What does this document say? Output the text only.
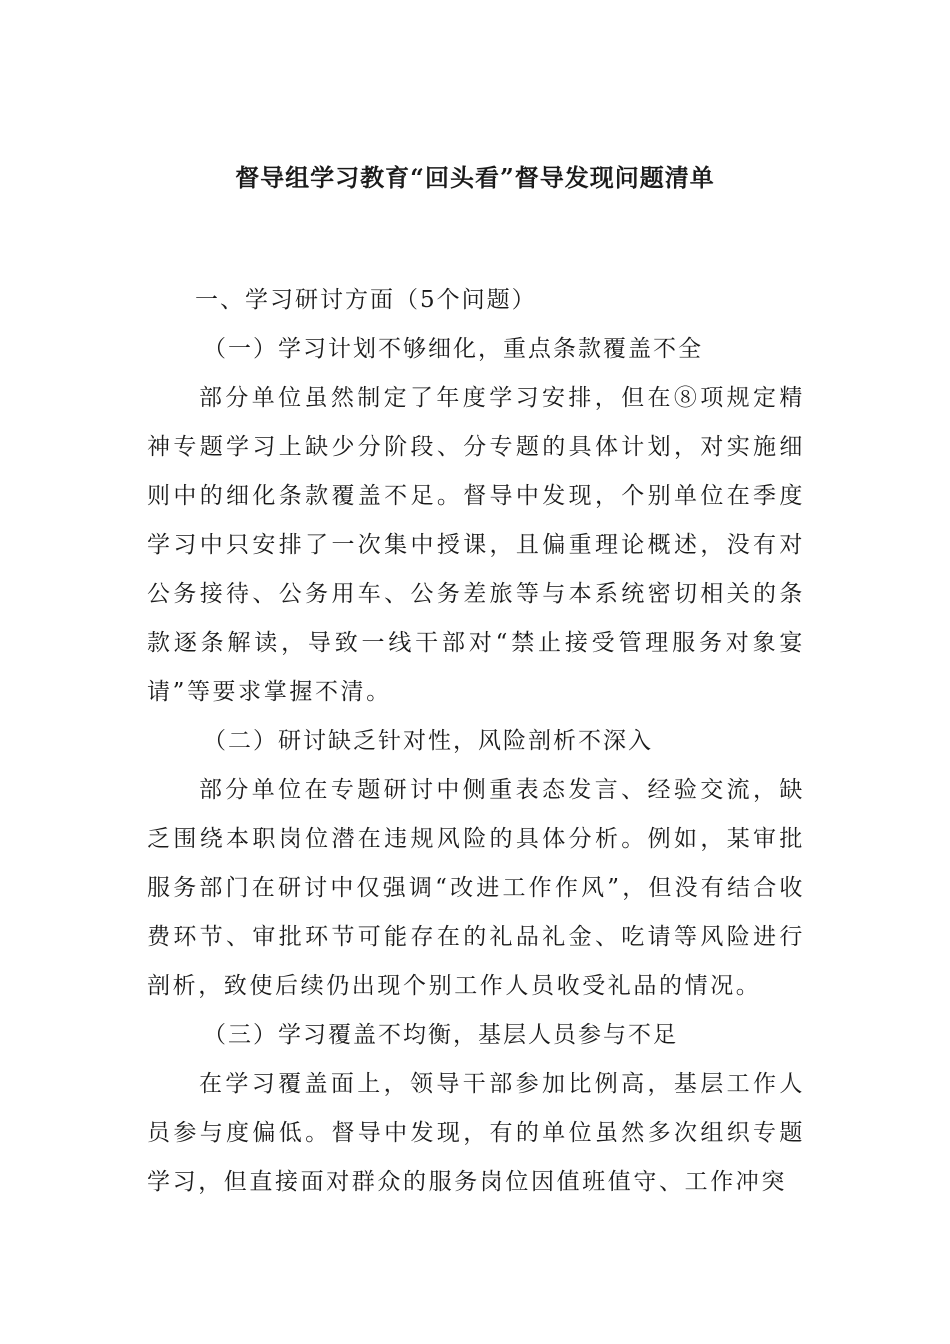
督导组学习教育“回头看”督导发现问题清单

一、学习研讨方面（5个问题）

（一）学习计划不够细化，重点条款覆盖不全

部分单位虽然制定了年度学习安排，但在⑧项规定精神专题学习上缺少分阶段、分专题的具体计划，对实施细则中的细化条款覆盖不足。督导中发现，个别单位在季度学习中只安排了一次集中授课，且偏重理论概述，没有对公务接待、公务用车、公务差旅等与本系统密切相关的条款逐条解读，导致一线干部对“禁止接受管理服务对象宴请”等要求掌握不清。

（二）研讨缺乏针对性，风险剖析不深入

部分单位在专题研讨中侧重表态发言、经验交流，缺乏围绕本职岗位潜在违规风险的具体分析。例如，某审批服务部门在研讨中仅强调“改进工作作风”，但没有结合收费环节、审批环节可能存在的礼品礼金、吃请等风险进行剖析，致使后续仍出现个别工作人员收受礼品的情况。

（三）学习覆盖不均衡，基层人员参与不足

在学习覆盖面上，领导干部参加比例高，基层工作人员参与度偏低。督导中发现，有的单位虽然多次组织专题学习，但直接面对群众的服务岗位因值班值守、工作冲突
